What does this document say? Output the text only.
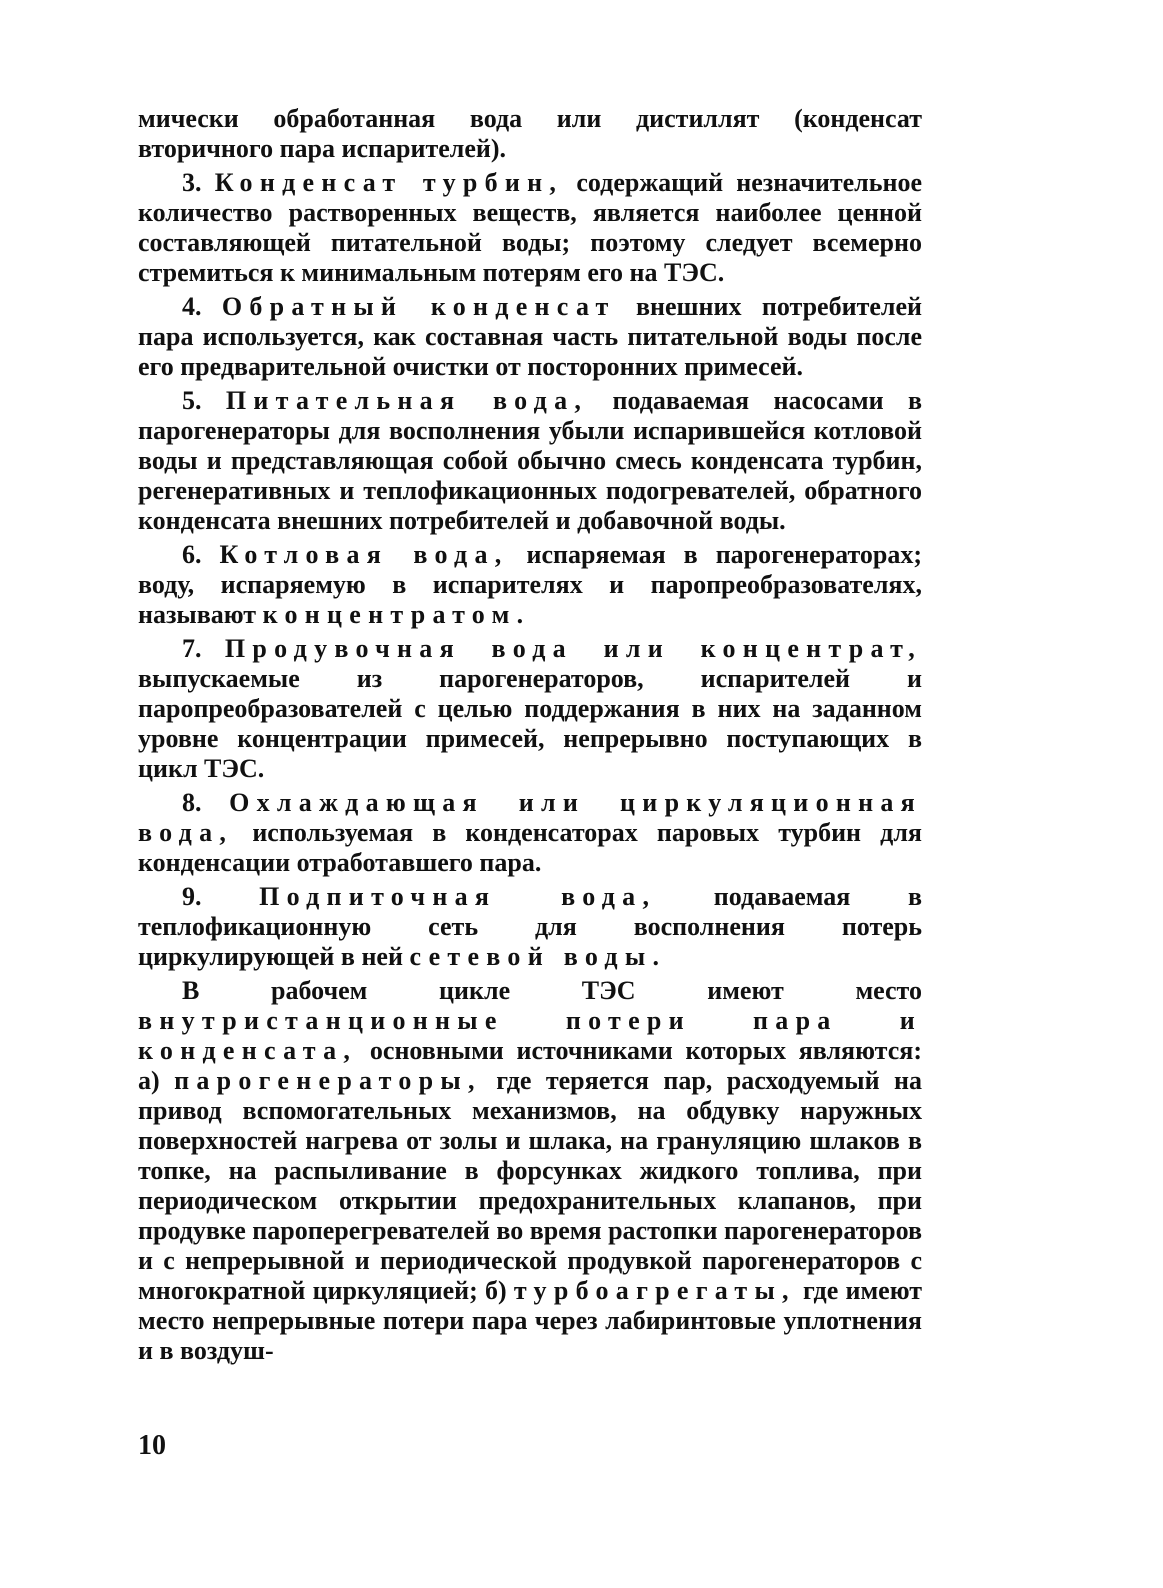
мически обработанная вода или дистиллят (конденсат вторичного пара испарителей).

3. Конденсат турбин, содержащий незначительное количество растворенных веществ, является наиболее ценной составляющей питательной воды; поэтому следует всемерно стремиться к минимальным потерям его на ТЭС.

4. Обратный конденсат внешних потребителей пара используется, как составная часть питательной воды после его предварительной очистки от посторонних примесей.

5. Питательная вода, подаваемая насосами в парогенераторы для восполнения убыли испарившейся котловой воды и представляющая собой обычно смесь конденсата турбин, регенеративных и теплофикационных подогревателей, обратного конденсата внешних потребителей и добавочной воды.

6. Котловая вода, испаряемая в парогенераторах; воду, испаряемую в испарителях и паропреобразователях, называют концентратом.

7. Продувочная вода или концентрат, выпускаемые из парогенераторов, испарителей и паропреобразователей с целью поддержания в них на заданном уровне концентрации примесей, непрерывно поступающих в цикл ТЭС.

8. Охлаждающая или циркуляционная вода, используемая в конденсаторах паровых турбин для конденсации отработавшего пара.

9. Подпиточная вода, подаваемая в теплофикационную сеть для восполнения потерь циркулирующей в ней сетевой воды.

В рабочем цикле ТЭС имеют место внутристанционные потери пара и конденсата, основными источниками которых являются: а) парогенераторы, где теряется пар, расходуемый на привод вспомогательных механизмов, на обдувку наружных поверхностей нагрева от золы и шлака, на грануляцию шлаков в топке, на распыливание в форсунках жидкого топлива, при периодическом открытии предохранительных клапанов, при продувке пароперегревателей во время растопки парогенераторов и с непрерывной и периодической продувкой парогенераторов с многократной циркуляцией; б) турбоагрегаты, где имеют место непрерывные потери пара через лабиринтовые уплотнения и в воздуш-

10
